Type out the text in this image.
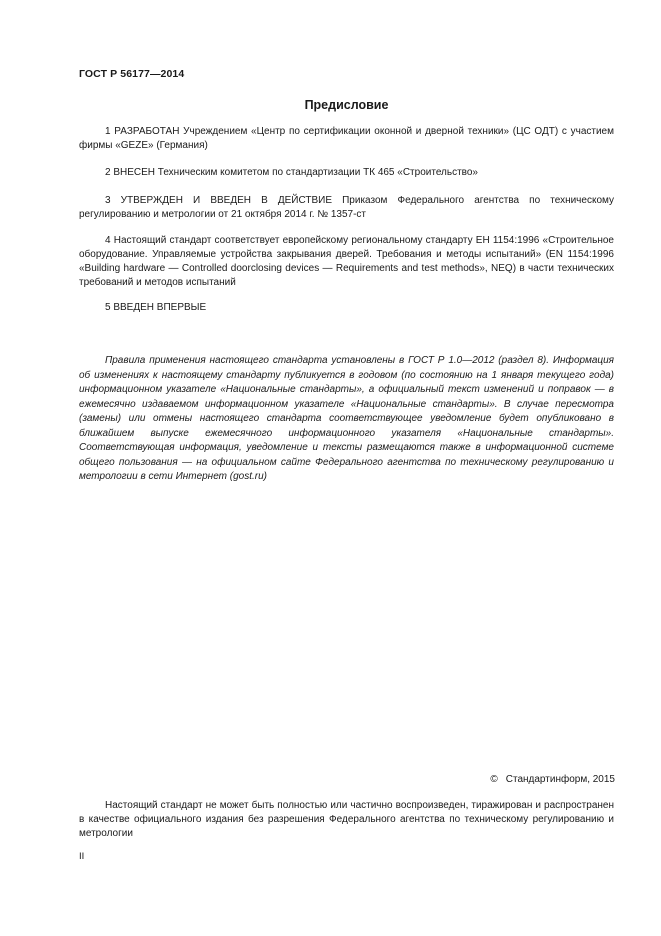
ГОСТ Р 56177—2014
Предисловие

1 РАЗРАБОТАН Учреждением «Центр по сертификации оконной и дверной техники» (ЦС ОДТ) с участием фирмы «GEZE» (Германия)

2 ВНЕСЕН Техническим комитетом по стандартизации ТК 465 «Строительство»

3 УТВЕРЖДЕН И ВВЕДЕН В ДЕЙСТВИЕ Приказом Федерального агентства по техническому регулированию и метрологии от 21 октября 2014 г. № 1357-ст

4 Настоящий стандарт соответствует европейскому региональному стандарту ЕН 1154:1996 «Строительное оборудование. Управляемые устройства закрывания дверей. Требования и методы испытаний» (EN 1154:1996 «Building hardware — Controlled doorclosing devices — Requirements and test methods», NEQ) в части технических требований и методов испытаний

5 ВВЕДЕН ВПЕРВЫЕ

Правила применения настоящего стандарта установлены в ГОСТ Р 1.0—2012 (раздел 8). Информация об изменениях к настоящему стандарту публикуется в годовом (по состоянию на 1 января текущего года) информационном указателе «Национальные стандарты», а официальный текст изменений и поправок — в ежемесячно издаваемом информационном указателе «Национальные стандарты». В случае пересмотра (замены) или отмены настоящего стандарта соответствующее уведомление будет опубликовано в ближайшем выпуске ежемесячного информационного указателя «Национальные стандарты». Соответствующая информация, уведомление и тексты размещаются также в информационной системе общего пользования — на официальном сайте Федерального агентства по техническому регулированию и метрологии в сети Интернет (gost.ru)

© Стандартинформ, 2015

Настоящий стандарт не может быть полностью или частично воспроизведен, тиражирован и распространен в качестве официального издания без разрешения Федерального агентства по техническому регулированию и метрологии

II
